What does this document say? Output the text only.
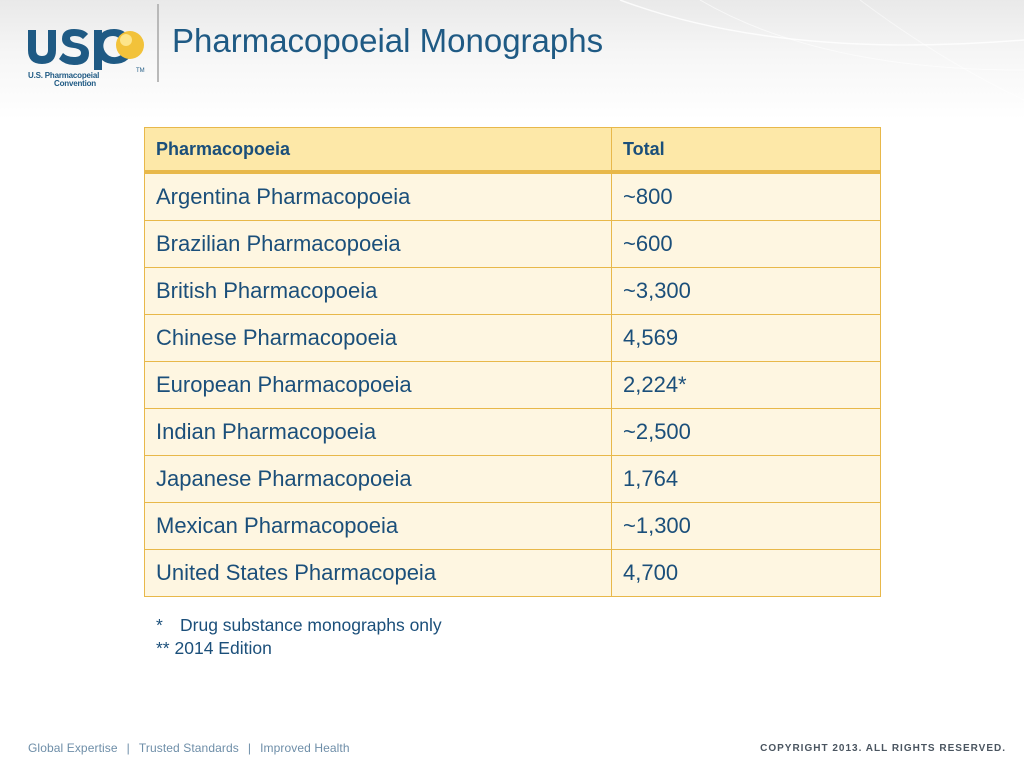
U.S. Pharmacopeial
Convention
TM
Pharmacopoeial Monographs
Pharmacopoeia	Total
Argentina Pharmacopoeia	~800
Brazilian Pharmacopoeia	~600
British Pharmacopoeia	~3,300
Chinese Pharmacopoeia	4,569
European Pharmacopoeia	2,224*
Indian Pharmacopoeia	~2,500
Japanese Pharmacopoeia	1,764
Mexican Pharmacopoeia	~1,300
United States Pharmacopeia	4,700
* Drug substance monographs only
** 2014 Edition
Global Expertise | Trusted Standards | Improved Health	COPYRIGHT 2013. ALL RIGHTS RESERVED.
